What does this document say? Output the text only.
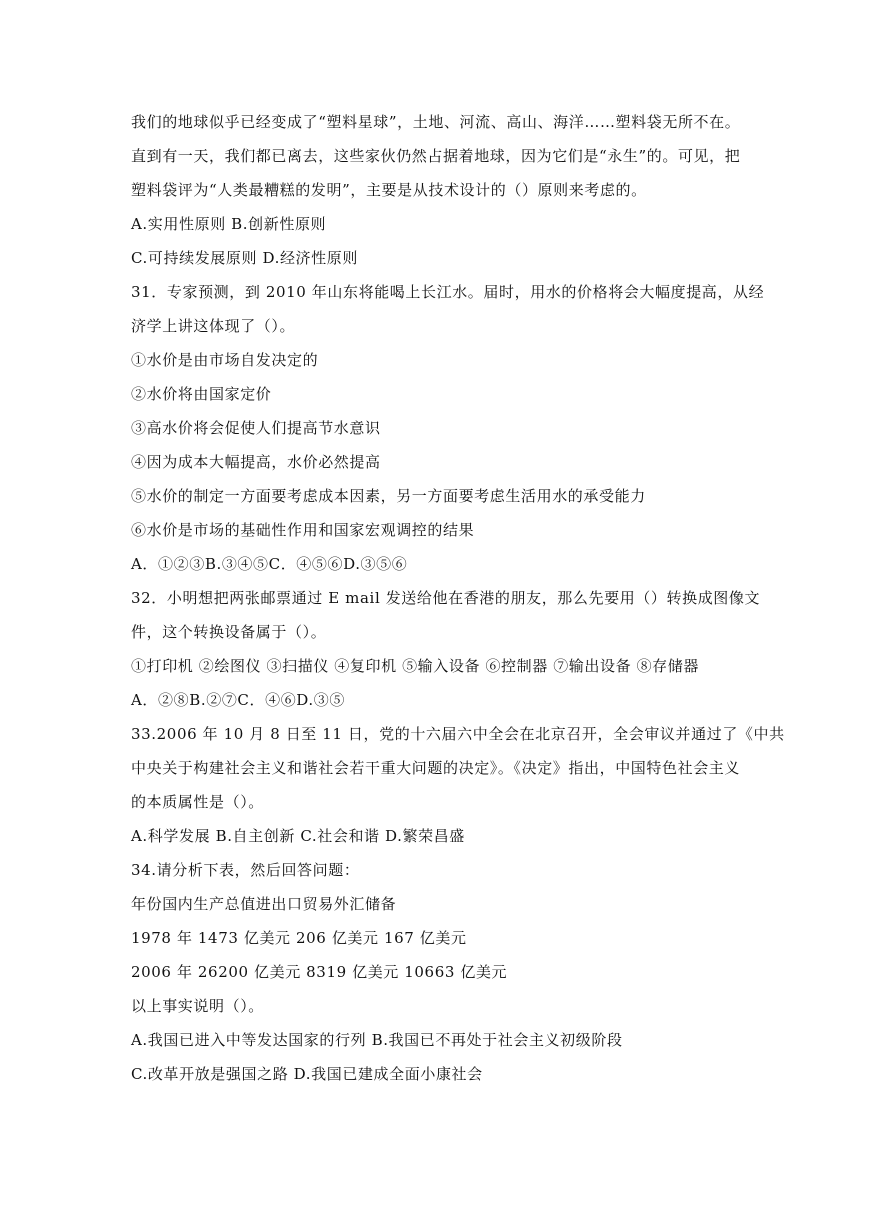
我们的地球似乎已经变成了“塑料星球”，土地、河流、高山、海洋……塑料袋无所不在。
直到有一天，我们都已离去，这些家伙仍然占据着地球，因为它们是“永生”的。可见，把
塑料袋评为“人类最糟糕的发明”，主要是从技术设计的（）原则来考虑的。
A.实用性原则 B.创新性原则
C.可持续发展原则 D.经济性原则
31．专家预测，到 2010 年山东将能喝上长江水。届时，用水的价格将会大幅度提高，从经
济学上讲这体现了（）。
①水价是由市场自发决定的
②水价将由国家定价
③高水价将会促使人们提高节水意识
④因为成本大幅提高，水价必然提高
⑤水价的制定一方面要考虑成本因素，另一方面要考虑生活用水的承受能力
⑥水价是市场的基础性作用和国家宏观调控的结果
A．①②③B.③④⑤C．④⑤⑥D.③⑤⑥
32．小明想把两张邮票通过 E mail 发送给他在香港的朋友，那么先要用（）转换成图像文
件，这个转换设备属于（）。
①打印机 ②绘图仪 ③扫描仪 ④复印机 ⑤输入设备 ⑥控制器 ⑦输出设备 ⑧存储器
A．②⑧B.②⑦C．④⑥D.③⑤
33.2006 年 10 月 8 日至 11 日，党的十六届六中全会在北京召开，全会审议并通过了《中共
中央关于构建社会主义和谐社会若干重大问题的决定》。《决定》指出，中国特色社会主义
的本质属性是（）。
A.科学发展 B.自主创新 C.社会和谐 D.繁荣昌盛
34.请分析下表，然后回答问题：
年份国内生产总值进出口贸易外汇储备
1978 年 1473 亿美元 206 亿美元 167 亿美元
2006 年 26200 亿美元 8319 亿美元 10663 亿美元
以上事实说明（）。
A.我国已进入中等发达国家的行列 B.我国已不再处于社会主义初级阶段
C.改革开放是强国之路 D.我国已建成全面小康社会
